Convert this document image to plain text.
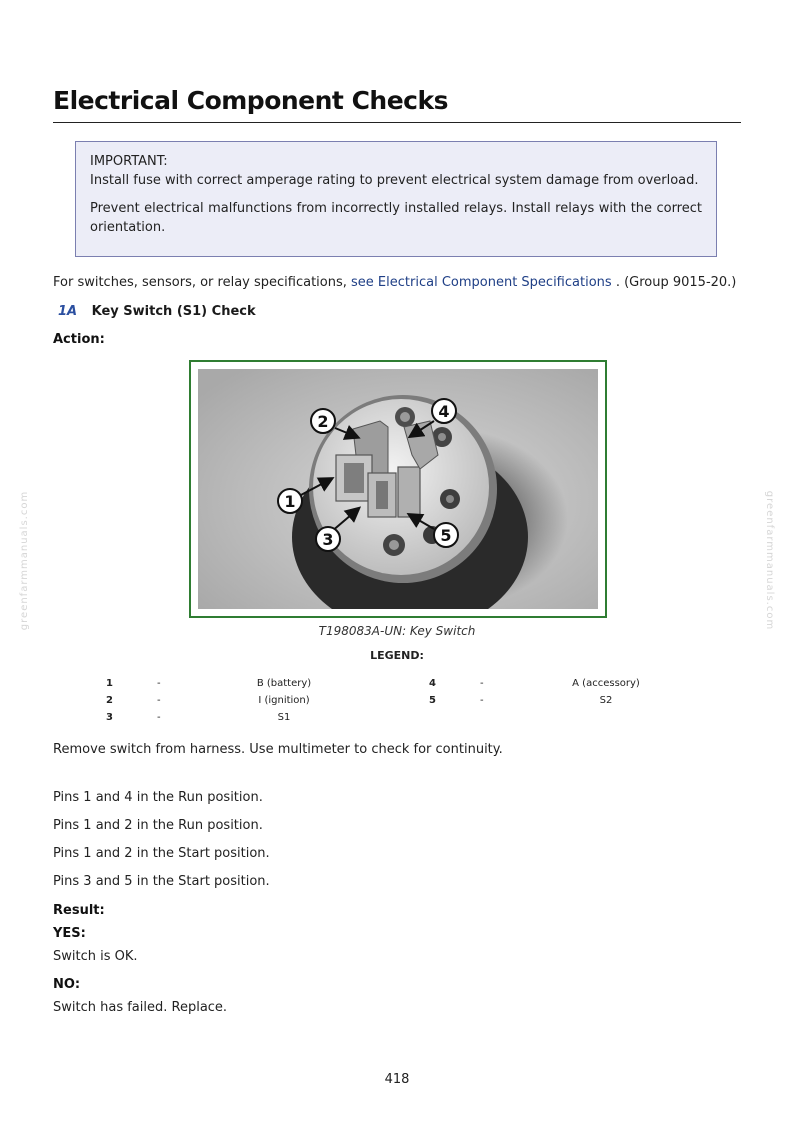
Electrical Component Checks

IMPORTANT:

Install fuse with correct amperage rating to prevent electrical system damage from overload.

Prevent electrical malfunctions from incorrectly installed relays. Install relays with the correct orientation.

For switches, sensors, or relay specifications, see Electrical Component Specifications . (Group 9015-20.)
1A Key Switch (S1) Check
Action:
1
2
3
4
5
T198083A-UN: Key Switch
LEGEND:
1	-	B (battery)	4	-	A (accessory)
2	-	I (ignition)	5	-	S2
3	-	S1

Remove switch from harness. Use multimeter to check for continuity.

Pins 1 and 4 in the Run position.

Pins 1 and 2 in the Run position.

Pins 1 and 2 in the Start position.

Pins 3 and 5 in the Start position.

Result:
YES:

Switch is OK.

NO:

Switch has failed. Replace.

greenfarmmanuals.com	greenfarmmanuals.com
418
